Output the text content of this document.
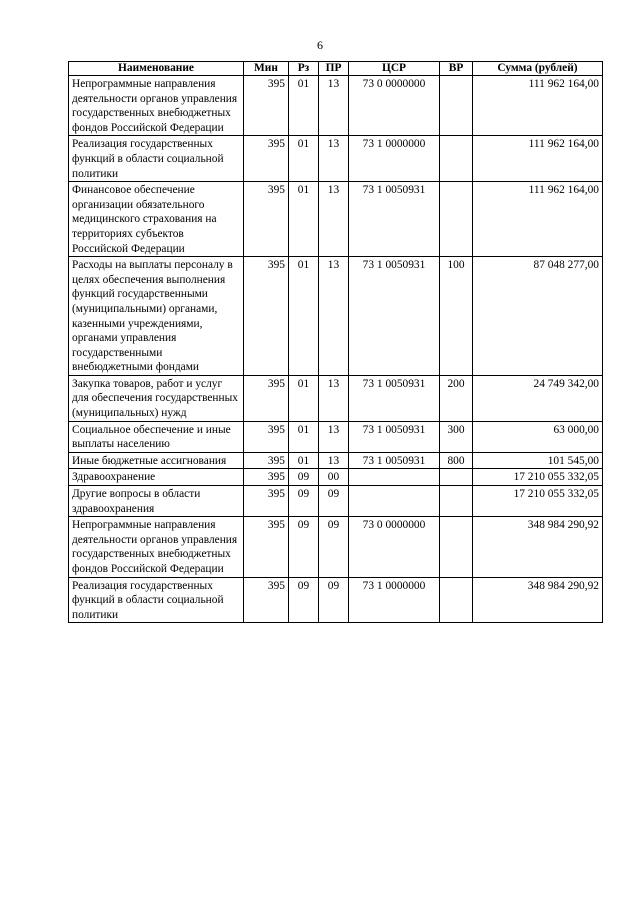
6
Наименование	Мин	Рз	ПР	ЦСР	ВР	Сумма (рублей)
Непрограммные направления деятельности органов управления государственных внебюджетных фондов Российской Федерации	395	01	13	73 0 0000000		111 962 164,00
Реализация государственных функций в области социальной политики	395	01	13	73 1 0000000		111 962 164,00
Финансовое обеспечение организации обязательного медицинского страхования на территориях субъектов Российской Федерации	395	01	13	73 1 0050931		111 962 164,00
Расходы на выплаты персоналу в целях обеспечения выполнения функций государственными (муниципальными) органами, казенными учреждениями, органами управления государственными внебюджетными фондами	395	01	13	73 1 0050931	100	87 048 277,00
Закупка товаров, работ и услуг для обеспечения государственных (муниципальных) нужд	395	01	13	73 1 0050931	200	24 749 342,00
Социальное обеспечение и иные выплаты населению	395	01	13	73 1 0050931	300	63 000,00
Иные бюджетные ассигнования	395	01	13	73 1 0050931	800	101 545,00
Здравоохранение	395	09	00			17 210 055 332,05
Другие вопросы в области здравоохранения	395	09	09			17 210 055 332,05
Непрограммные направления деятельности органов управления государственных внебюджетных фондов Российской Федерации	395	09	09	73 0 0000000		348 984 290,92
Реализация государственных функций в области социальной политики	395	09	09	73 1 0000000		348 984 290,92
